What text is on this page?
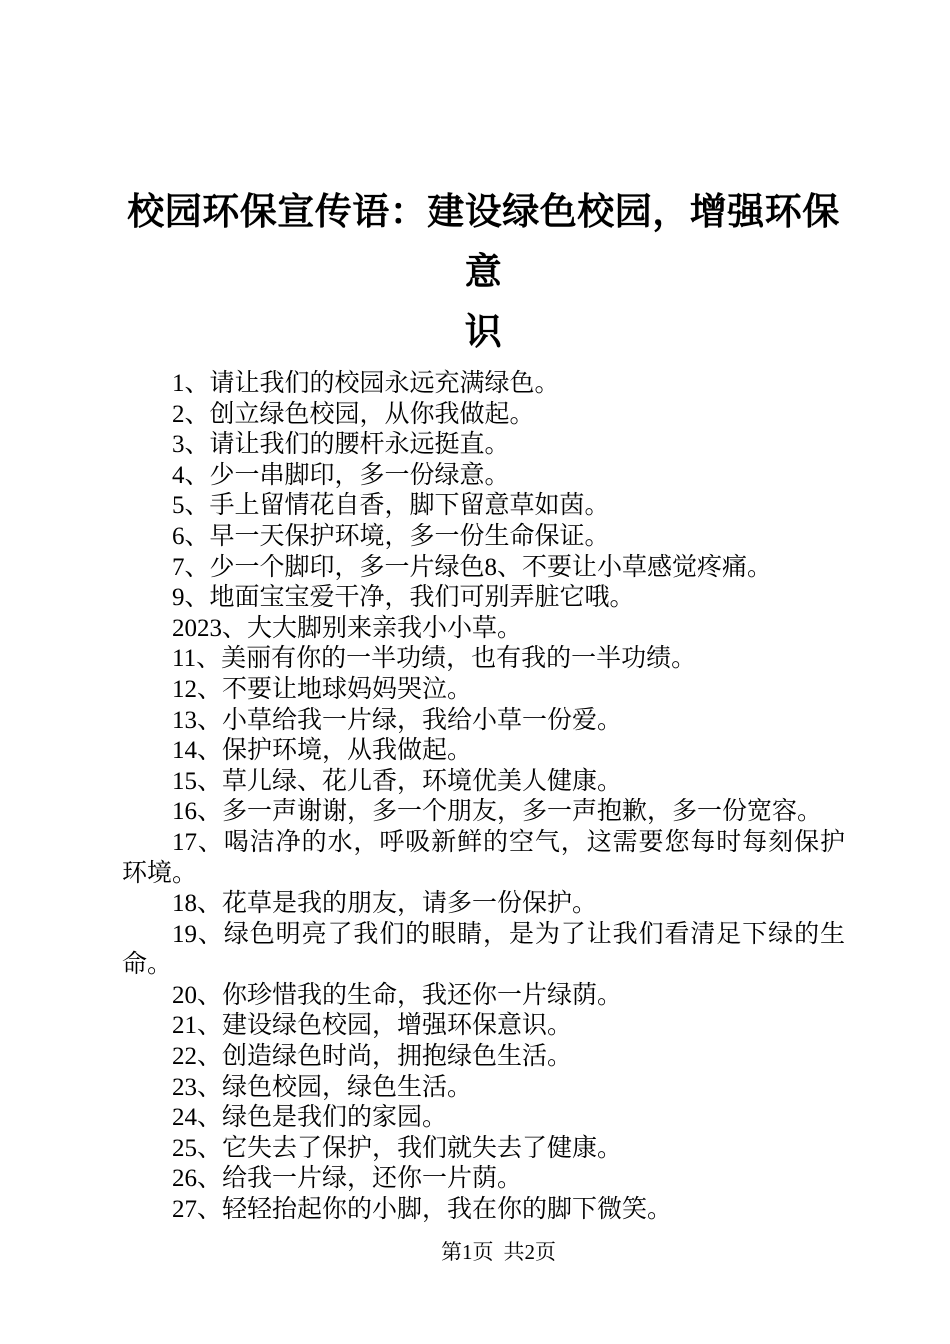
校园环保宣传语：建设绿色校园，增强环保意
识

1、请让我们的校园永远充满绿色。

2、创立绿色校园，从你我做起。

3、请让我们的腰杆永远挺直。

4、少一串脚印，多一份绿意。

5、手上留情花自香，脚下留意草如茵。

6、早一天保护环境，多一份生命保证。

7、少一个脚印，多一片绿色8、不要让小草感觉疼痛。

9、地面宝宝爱干净，我们可别弄脏它哦。

2023、大大脚别来亲我小小草。

11、美丽有你的一半功绩，也有我的一半功绩。

12、不要让地球妈妈哭泣。

13、小草给我一片绿，我给小草一份爱。

14、保护环境，从我做起。

15、草儿绿、花儿香，环境优美人健康。

16、多一声谢谢，多一个朋友，多一声抱歉，多一份宽容。

17、喝洁净的水，呼吸新鲜的空气，这需要您每时每刻保护环境。

18、花草是我的朋友，请多一份保护。

19、绿色明亮了我们的眼睛，是为了让我们看清足下绿的生命。

20、你珍惜我的生命，我还你一片绿荫。

21、建设绿色校园，增强环保意识。

22、创造绿色时尚，拥抱绿色生活。

23、绿色校园，绿色生活。

24、绿色是我们的家园。

25、它失去了保护，我们就失去了健康。

26、给我一片绿，还你一片荫。

27、轻轻抬起你的小脚，我在你的脚下微笑。

第1页 共2页
